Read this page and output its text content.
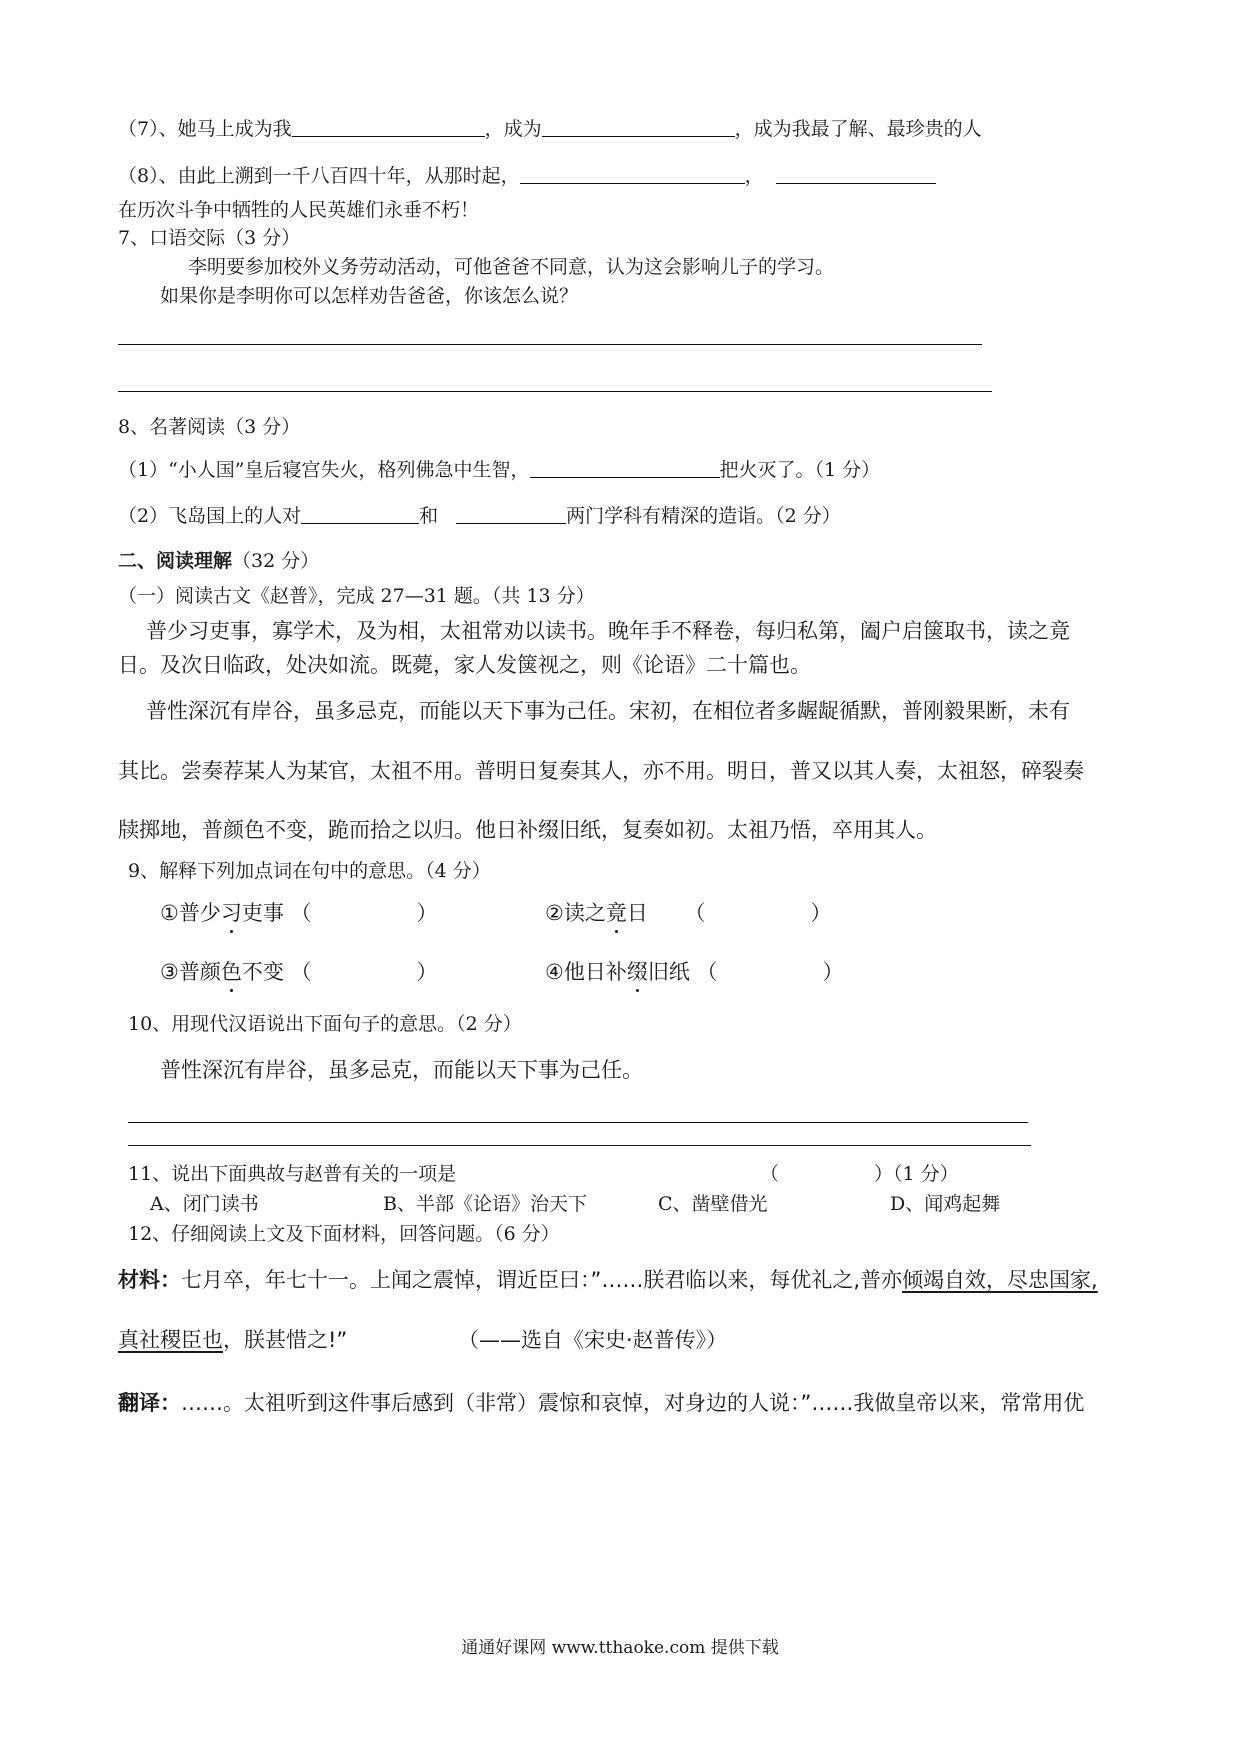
（7）、她马上成为我	，成为	，成为我最了解、最珍贵的人
（8）、由此上溯到一千八百四十年，从那时起，	，
在历次斗争中牺牲的人民英雄们永垂不朽！
7、口语交际（3 分）
李明要参加校外义务劳动活动，可他爸爸不同意，认为这会影响儿子的学习。
如果你是李明你可以怎样劝告爸爸，你该怎么说？
8、名著阅读（3 分）
（1）“小人国”皇后寝宫失火，格列佛急中生智，	把火灭了。（1 分）
（2）飞岛国上的人对	和	两门学科有精深的造诣。（2 分）
二、阅读理解（32 分）
（一）阅读古文《赵普》，完成 27—31 题。（共 13 分）
普少习吏事，寡学术，及为相，太祖常劝以读书。晚年手不释卷，每归私第，阖户启箧取书，读之竟
日。及次日临政，处决如流。既薨，家人发箧视之，则《论语》二十篇也。
普性深沉有岸谷，虽多忌克，而能以天下事为己任。宋初，在相位者多龌龊循默，普刚毅果断，未有
其比。尝奏荐某人为某官，太祖不用。普明日复奏其人，亦不用。明日，普又以其人奏，太祖怒，碎裂奏
牍掷地，普颜色不变，跪而拾之以归。他日补缀旧纸，复奏如初。太祖乃悟，卒用其人。
9、解释下列加点词在句中的意思。（4 分）
①普少习吏事 （　　　　　）	②读之竟日 （　　　　　）
③普颜色不变 （　　　　　）	④他日补缀旧纸 （　　　　　）
10、用现代汉语说出下面句子的意思。（2 分）
普性深沉有岸谷，虽多忌克，而能以天下事为己任。
11、说出下面典故与赵普有关的一项是	（　　　　　）（1 分）
A、闭门读书	B、半部《论语》治天下	C、凿壁借光	D、闻鸡起舞
12、仔细阅读上文及下面材料，回答问题。（6 分）
材料：七月卒，年七十一。上闻之震悼，谓近臣曰：”……朕君临以来，每优礼之,普亦倾竭自效，尽忠国家,
真社稷臣也，朕甚惜之!”	（——选自《宋史·赵普传》）
翻译：……。太祖听到这件事后感到（非常）震惊和哀悼，对身边的人说：”……我做皇帝以来，常常用优
通通好课网 www.tthaoke.com 提供下载
